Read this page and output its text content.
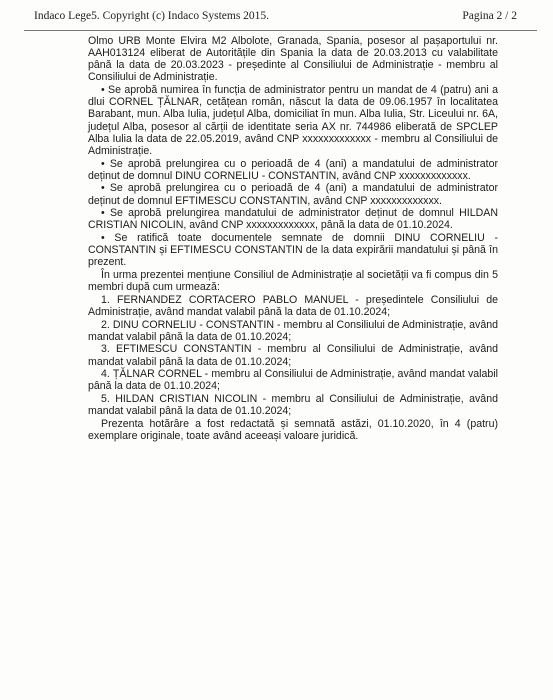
Indaco Lege5. Copyright (c) Indaco Systems 2015.	Pagina 2 / 2

Olmo URB Monte Elvira M2 Albolote, Granada, Spania, posesor al pașaportului nr. AAH013124 eliberat de Autoritățile din Spania la data de 20.03.2013 cu valabilitate până la data de 20.03.2023 - președinte al Consiliului de Administrație - membru al Consiliului de Administrație.

• Se aprobă numirea în funcția de administrator pentru un mandat de 4 (patru) ani a dlui CORNEL ȚĂLNAR, cetățean român, născut la data de 09.06.1957 în localitatea Barabant, mun. Alba Iulia, județul Alba, domiciliat în mun. Alba Iulia, Str. Liceului nr. 6A, județul Alba, posesor al cărții de identitate seria AX nr. 744986 eliberată de SPCLEP Alba Iulia la data de 22.05.2019, având CNP xxxxxxxxxxxxx - membru al Consiliului de Administrație.

• Se aprobă prelungirea cu o perioadă de 4 (ani) a mandatului de administrator deținut de domnul DINU CORNELIU - CONSTANTIN, având CNP xxxxxxxxxxxxx.

• Se aprobă prelungirea cu o perioadă de 4 (ani) a mandatului de administrator deținut de domnul EFTIMESCU CONSTANTIN, având CNP xxxxxxxxxxxxx.

• Se aprobă prelungirea mandatului de administrator deținut de domnul HILDAN CRISTIAN NICOLIN, având CNP xxxxxxxxxxxxx, până la data de 01.10.2024.

• Se ratifică toate documentele semnate de domnii DINU CORNELIU - CONSTANTIN și EFTIMESCU CONSTANTIN de la data expirării mandatului și până în prezent.

În urma prezentei mențiune Consiliul de Administrație al societății va fi compus din 5 membri după cum urmează:

1. FERNANDEZ CORTACERO PABLO MANUEL - președintele Consiliului de Administrație, având mandat valabil până la data de 01.10.2024;

2. DINU CORNELIU - CONSTANTIN - membru al Consiliului de Administrație, având mandat valabil până la data de 01.10.2024;

3. EFTIMESCU CONSTANTIN - membru al Consiliului de Administrație, având mandat valabil până la data de 01.10.2024;

4. ȚĂLNAR CORNEL - membru al Consiliului de Administrație, având mandat valabil până la data de 01.10.2024;

5. HILDAN CRISTIAN NICOLIN - membru al Consiliului de Administrație, având mandat valabil până la data de 01.10.2024;

Prezenta hotărâre a fost redactată și semnată astăzi, 01.10.2020, în 4 (patru) exemplare originale, toate având aceeași valoare juridică.
